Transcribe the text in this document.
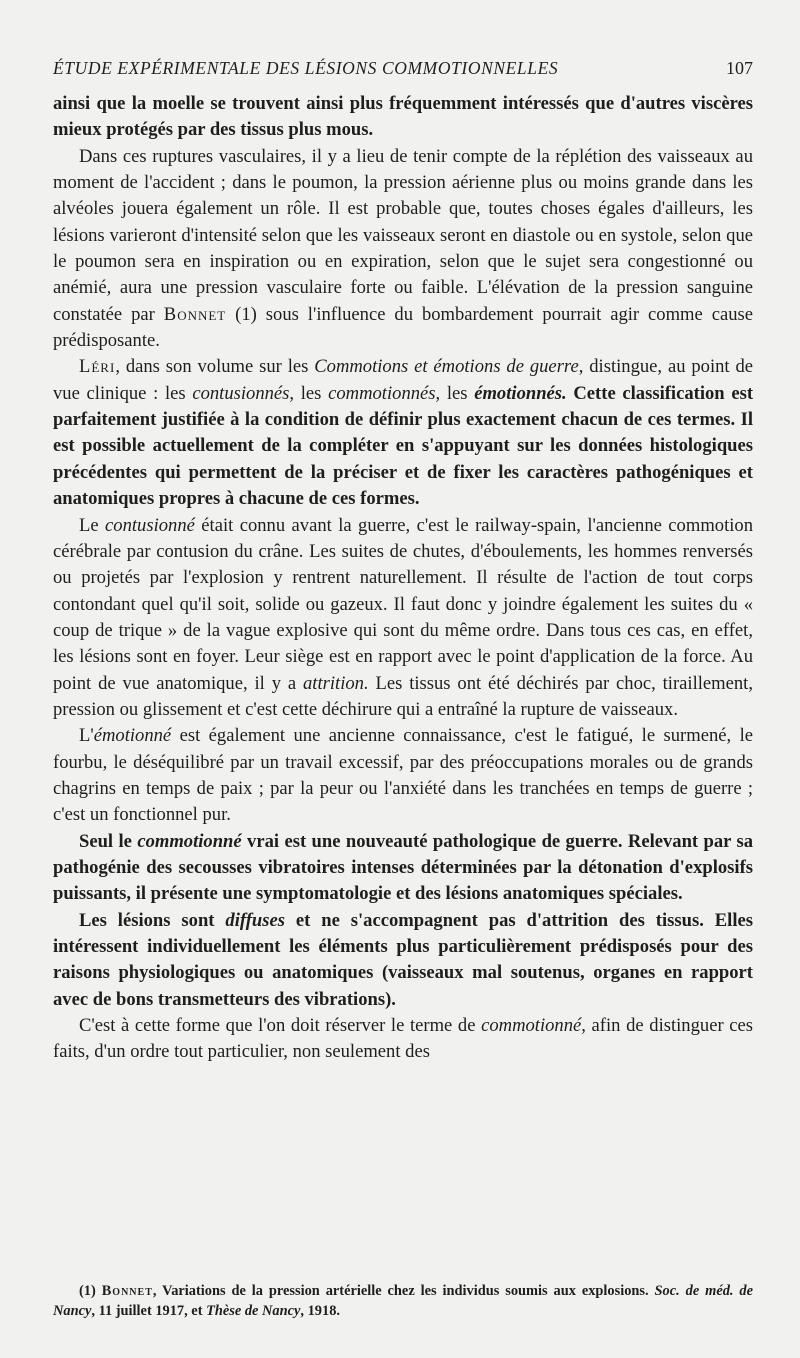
ÉTUDE EXPÉRIMENTALE DES LÉSIONS COMMOTIONNELLES	107

ainsi que la moelle se trouvent ainsi plus fréquemment intéressés que d'autres viscères mieux protégés par des tissus plus mous.

Dans ces ruptures vasculaires, il y a lieu de tenir compte de la réplétion des vaisseaux au moment de l'accident ; dans le poumon, la pression aérienne plus ou moins grande dans les alvéoles jouera également un rôle. Il est probable que, toutes choses égales d'ailleurs, les lésions varieront d'intensité selon que les vaisseaux seront en diastole ou en systole, selon que le poumon sera en inspiration ou en expiration, selon que le sujet sera congestionné ou anémié, aura une pression vasculaire forte ou faible. L'élévation de la pression sanguine constatée par Bonnet (1) sous l'influence du bombardement pourrait agir comme cause prédisposante.

Léri, dans son volume sur les Commotions et émotions de guerre, distingue, au point de vue clinique : les contusionnés, les commotionnés, les émotionnés. Cette classification est parfaitement justifiée à la condition de définir plus exactement chacun de ces termes. Il est possible actuellement de la compléter en s'appuyant sur les données histologiques précédentes qui permettent de la préciser et de fixer les caractères pathogéniques et anatomiques propres à chacune de ces formes.

Le contusionné était connu avant la guerre, c'est le railway-spain, l'ancienne commotion cérébrale par contusion du crâne. Les suites de chutes, d'éboulements, les hommes renversés ou projetés par l'explosion y rentrent naturellement. Il résulte de l'action de tout corps contondant quel qu'il soit, solide ou gazeux. Il faut donc y joindre également les suites du « coup de trique » de la vague explosive qui sont du même ordre. Dans tous ces cas, en effet, les lésions sont en foyer. Leur siège est en rapport avec le point d'application de la force. Au point de vue anatomique, il y a attrition. Les tissus ont été déchirés par choc, tiraillement, pression ou glissement et c'est cette déchirure qui a entraîné la rupture de vaisseaux.

L'émotionné est également une ancienne connaissance, c'est le fatigué, le surmené, le fourbu, le déséquilibré par un travail excessif, par des préoccupations morales ou de grands chagrins en temps de paix ; par la peur ou l'anxiété dans les tranchées en temps de guerre ; c'est un fonctionnel pur.

Seul le commotionné vrai est une nouveauté pathologique de guerre. Relevant par sa pathogénie des secousses vibratoires intenses déterminées par la détonation d'explosifs puissants, il présente une symptomatologie et des lésions anatomiques spéciales.

Les lésions sont diffuses et ne s'accompagnent pas d'attrition des tissus. Elles intéressent individuellement les éléments plus particulièrement prédisposés pour des raisons physiologiques ou anatomiques (vaisseaux mal soutenus, organes en rapport avec de bons transmetteurs des vibrations).

C'est à cette forme que l'on doit réserver le terme de commotionné, afin de distinguer ces faits, d'un ordre tout particulier, non seulement des

(1) Bonnet, Variations de la pression artérielle chez les individus soumis aux explosions. Soc. de méd. de Nancy, 11 juillet 1917, et Thèse de Nancy, 1918.
